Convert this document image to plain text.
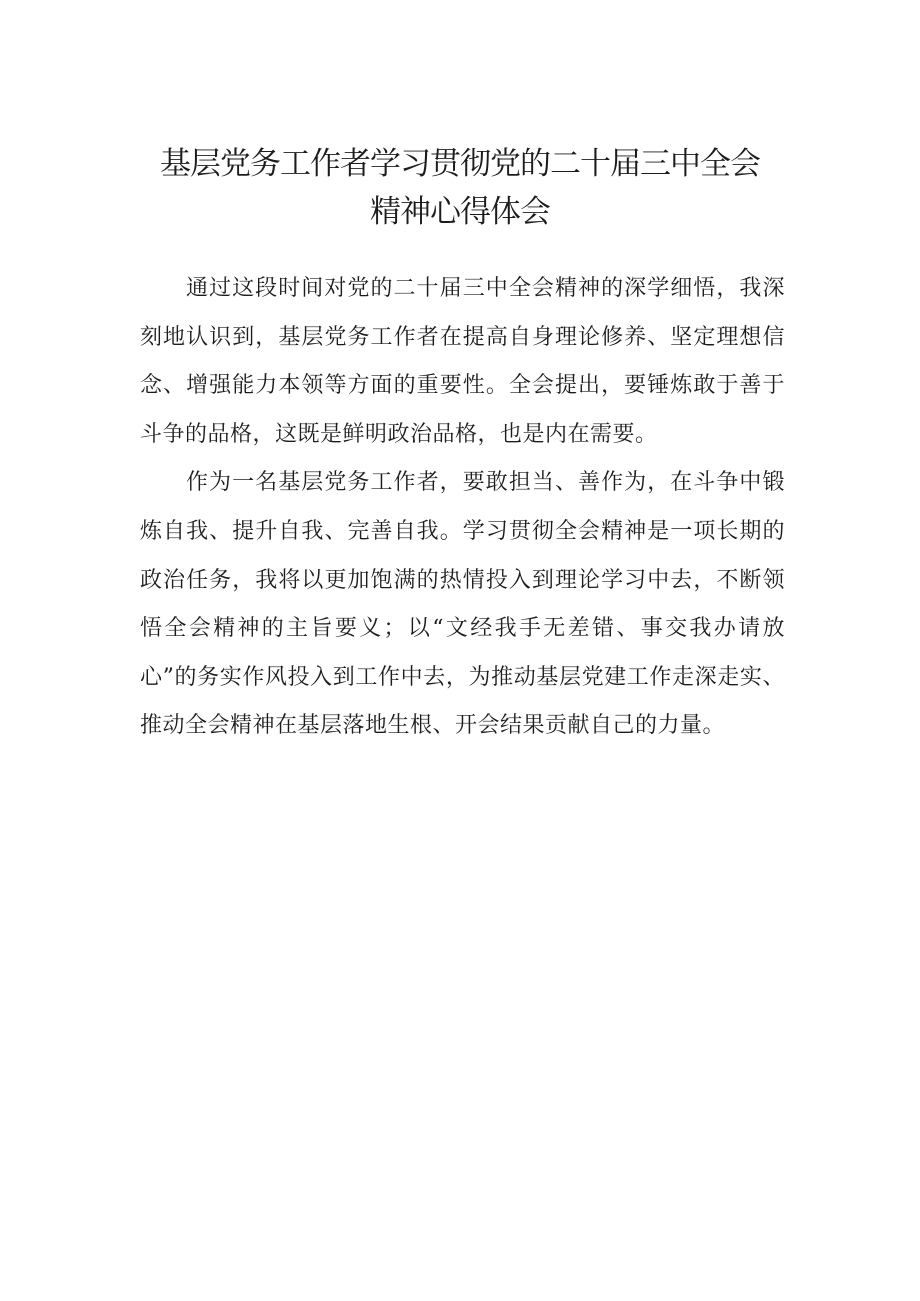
基层党务工作者学习贯彻党的二十届三中全会
精神心得体会

通过这段时间对党的二十届三中全会精神的深学细悟，我深刻地认识到，基层党务工作者在提高自身理论修养、坚定理想信念、增强能力本领等方面的重要性。全会提出，要锤炼敢于善于斗争的品格，这既是鲜明政治品格，也是内在需要。

作为一名基层党务工作者，要敢担当、善作为，在斗争中锻炼自我、提升自我、完善自我。学习贯彻全会精神是一项长期的政治任务，我将以更加饱满的热情投入到理论学习中去，不断领悟全会精神的主旨要义；以“文经我手无差错、事交我办请放心”的务实作风投入到工作中去，为推动基层党建工作走深走实、推动全会精神在基层落地生根、开会结果贡献自己的力量。
